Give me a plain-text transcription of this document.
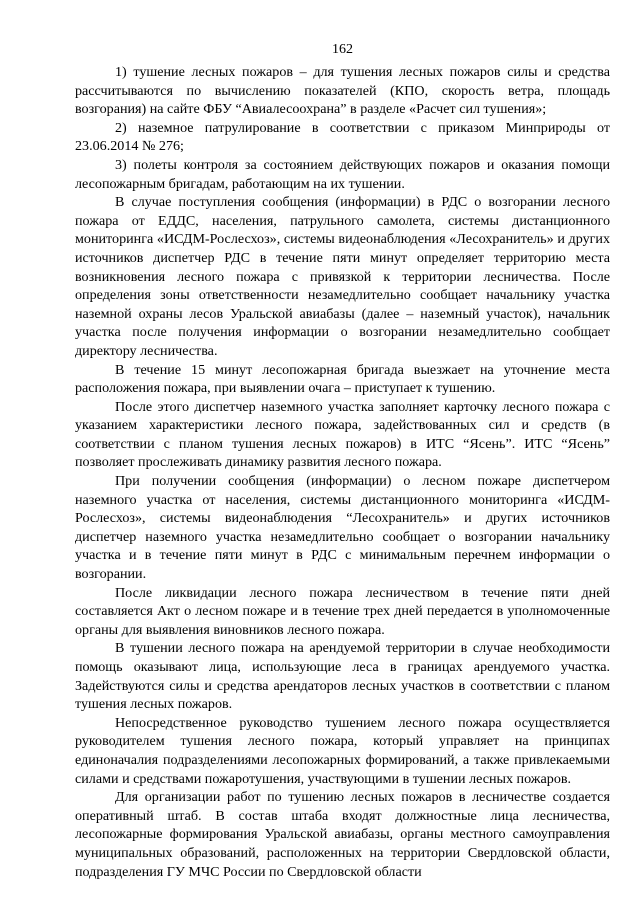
162

1) тушение лесных пожаров – для тушения лесных пожаров силы и средства рассчитываются по вычислению показателей (КПО, скорость ветра, площадь возгорания) на сайте ФБУ “Авиалесоохрана” в разделе «Расчет сил тушения»;

2) наземное патрулирование в соответствии с приказом Минприроды от 23.06.2014 № 276;

3) полеты контроля за состоянием действующих пожаров и оказания помощи лесопожарным бригадам, работающим на их тушении.

В случае поступления сообщения (информации) в РДС о возгорании лесного пожара от ЕДДС, населения, патрульного самолета, системы дистанционного мониторинга «ИСДМ-Рослесхоз», системы видеонаблюдения «Лесохранитель» и других источников диспетчер РДС в течение пяти минут определяет территорию места возникновения лесного пожара с привязкой к территории лесничества. После определения зоны ответственности незамедлительно сообщает начальнику участка наземной охраны лесов Уральской авиабазы (далее – наземный участок), начальник участка после получения информации о возгорании незамедлительно сообщает директору лесничества.

В течение 15 минут лесопожарная бригада выезжает на уточнение места расположения пожара, при выявлении очага – приступает к тушению.

После этого диспетчер наземного участка заполняет карточку лесного пожара с указанием характеристики лесного пожара, задействованных сил и средств (в соответствии с планом тушения лесных пожаров) в ИТС “Ясень”. ИТС “Ясень” позволяет прослеживать динамику развития лесного пожара.

При получении сообщения (информации) о лесном пожаре диспетчером наземного участка от населения, системы дистанционного мониторинга «ИСДМ-Рослесхоз», системы видеонаблюдения “Лесохранитель» и других источников диспетчер наземного участка незамедлительно сообщает о возгорании начальнику участка и в течение пяти минут в РДС с минимальным перечнем информации о возгорании.

После ликвидации лесного пожара лесничеством в течение пяти дней составляется Акт о лесном пожаре и в течение трех дней передается в уполномоченные органы для выявления виновников лесного пожара.

В тушении лесного пожара на арендуемой территории в случае необходимости помощь оказывают лица, использующие леса в границах арендуемого участка. Задействуются силы и средства арендаторов лесных участков в соответствии с планом тушения лесных пожаров.

Непосредственное руководство тушением лесного пожара осуществляется руководителем тушения лесного пожара, который управляет на принципах единоначалия подразделениями лесопожарных формирований, а также привлекаемыми силами и средствами пожаротушения, участвующими в тушении лесных пожаров.

Для организации работ по тушению лесных пожаров в лесничестве создается оперативный штаб. В состав штаба входят должностные лица лесничества, лесопожарные формирования Уральской авиабазы, органы местного самоуправления муниципальных образований, расположенных на территории Свердловской области, подразделения ГУ МЧС России по Свердловской области
